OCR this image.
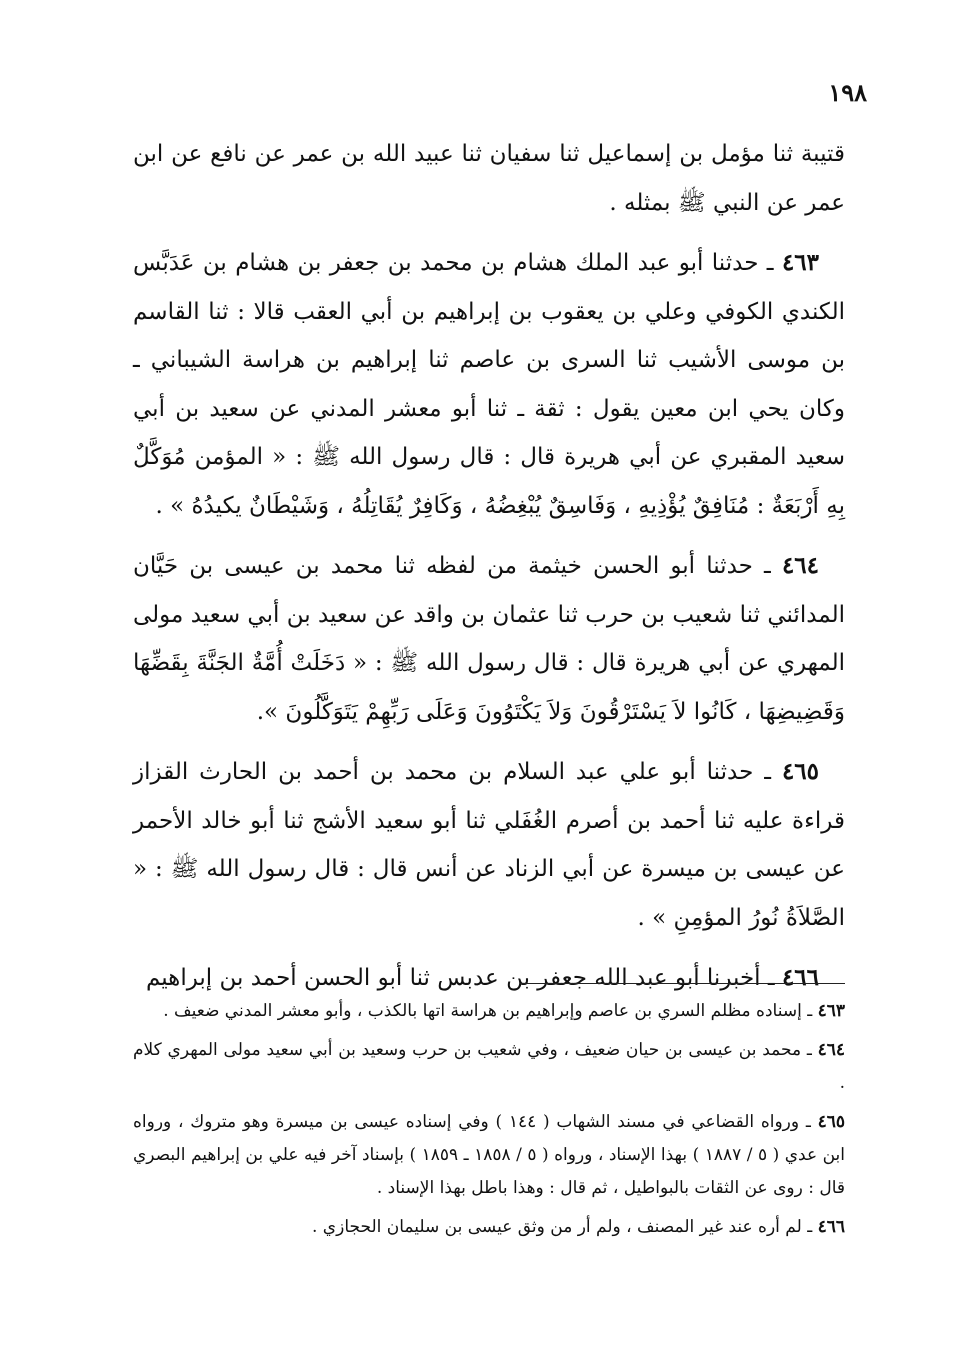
١٩٨

قتيبة ثنا مؤمل بن إسماعيل ثنا سفيان ثنا عبيد الله بن عمر عن نافع عن ابن عمر عن النبي ﷺ بمثله .

٤٦٣ ـ حدثنا أبو عبد الملك هشام بن محمد بن جعفر بن هشام بن عَدَبَّس الكندي الكوفي وعلي بن يعقوب بن إبراهيم بن أبي العقب قالا : ثنا القاسم بن موسى الأشيب ثنا السرى بن عاصم ثنا إبراهيم بن هراسة الشيباني ـ وكان يحي ابن معين يقول : ثقة ـ ثنا أبو معشر المدني عن سعيد بن أبي سعيد المقبري عن أبي هريرة قال : قال رسول الله ﷺ : « المؤمن مُوَكَّلٌ بِهِ أَرْبَعَةٌ : مُنَافِقٌ يُؤْذِيهِ ، وَفَاسِقٌ يُبْغِضُهُ ، وَكَافِرٌ يُقَاتِلُهُ ، وَشَيْطَانٌ يكيدُهُ » .

٤٦٤ ـ حدثنا أبو الحسن خيثمة من لفظه ثنا محمد بن عيسى بن حَيَّان المدائني ثنا شعيب بن حرب ثنا عثمان بن واقد عن سعيد بن أبي سعيد مولى المهري عن أبي هريرة قال : قال رسول الله ﷺ : « دَخَلَتْ أُمَّةٌ الجَنَّةَ بِقَضِّهَا وَقَضِيضِهَا ، كَانُوا لاَ يَسْتَرْقُونَ وَلاَ يَكْتَوُونَ وَعَلَى رَبِّهِمْ يَتَوَكَّلُونَ ».

٤٦٥ ـ حدثنا أبو علي عبد السلام بن محمد بن أحمد بن الحارث القزاز قراءة عليه ثنا أحمد بن أصرم الغُفَلي ثنا أبو سعيد الأشج ثنا أبو خالد الأحمر عن عيسى بن ميسرة عن أبي الزناد عن أنس قال : قال رسول الله ﷺ : « الصَّلاَةُ نُورُ المؤمِنِ » .

٤٦٦ ـ أخبرنا أبو عبد الله جعفر بن عدبس ثنا أبو الحسن أحمد بن إبراهيم

٤٦٣ ـ إسناده مظلم السري بن عاصم وإبراهيم بن هراسة اتها بالكذب ، وأبو معشر المدني ضعيف .

٤٦٤ ـ محمد بن عيسى بن حيان ضعيف ، وفي شعيب بن حرب وسعيد بن أبي سعيد مولى المهري كلام .

٤٦٥ ـ ورواه القضاعي في مسند الشهاب ( ١٤٤ ) وفي إسناده عيسى بن ميسرة وهو متروك ، ورواه ابن عدي ( ٥ / ١٨٨٧ ) بهذا الإسناد ، ورواه ( ٥ / ١٨٥٨ ـ ١٨٥٩ ) بإسناد آخر فيه علي بن إبراهيم البصري قال : روى عن الثقات بالبواطيل ، ثم قال : وهذا باطل بهذا الإسناد .

٤٦٦ ـ لم أره عند غير المصنف ، ولم أر من وثق عيسى بن سليمان الحجازي .
